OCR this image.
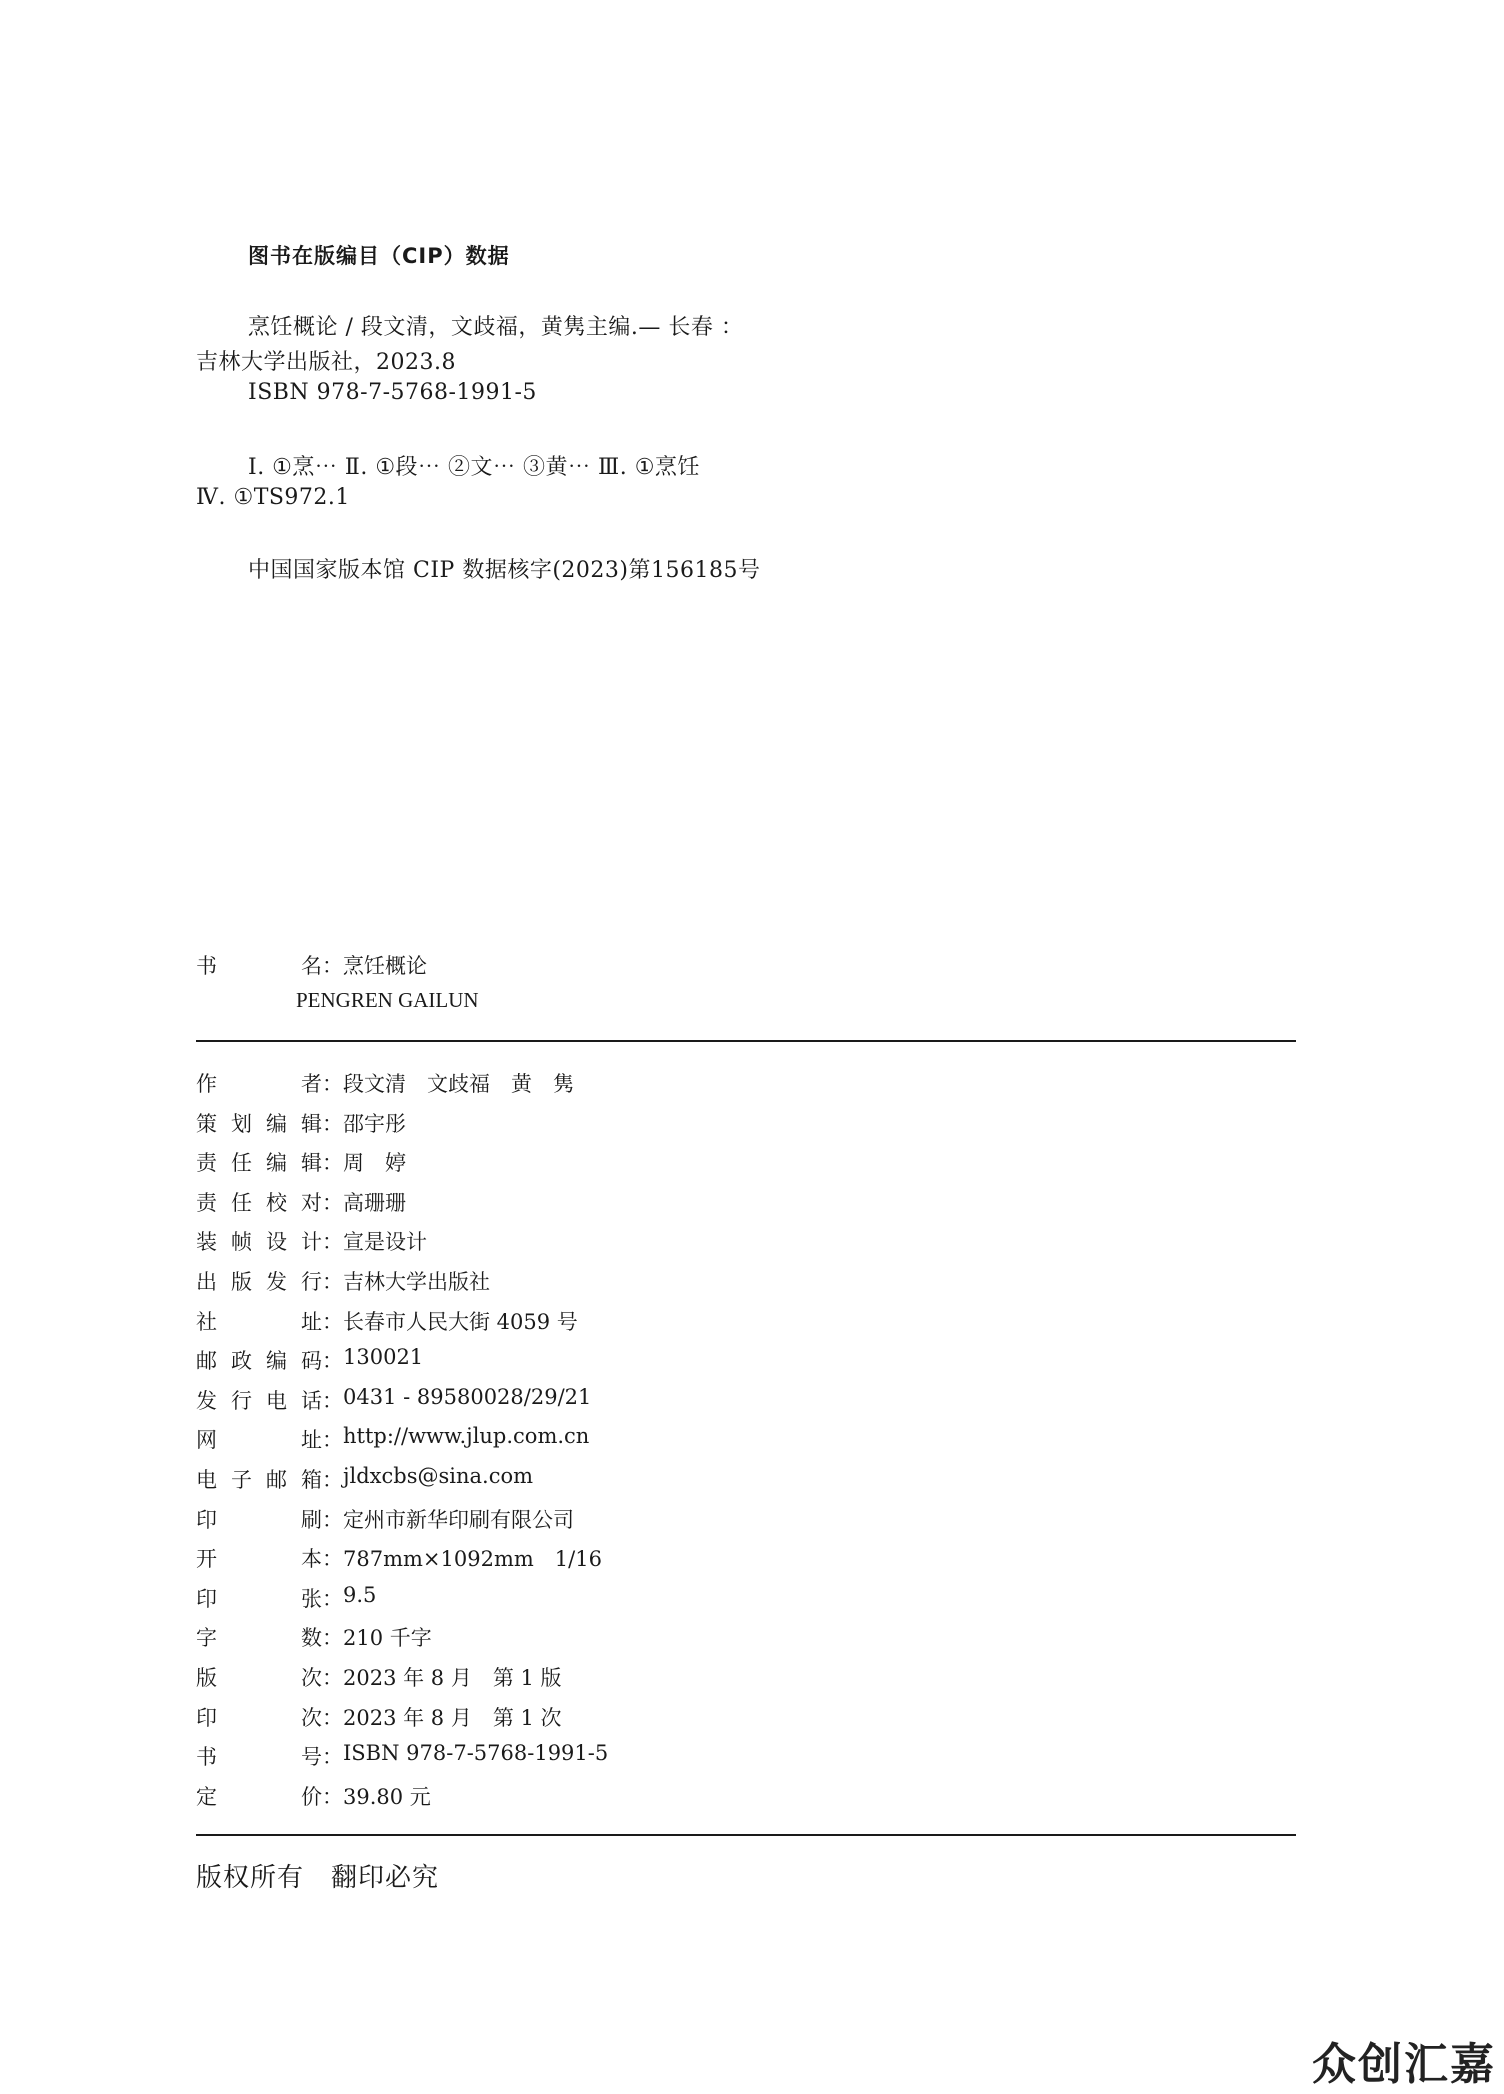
图书在版编目（CIP）数据
烹饪概论 / 段文清，文歧福，黄隽主编.— 长春 ：
吉林大学出版社，2023.8
ISBN 978-7-5768-1991-5
Ⅰ. ①烹⋯ Ⅱ. ①段⋯ ②文⋯ ③黄⋯ Ⅲ. ①烹饪
Ⅳ. ①TS972.1
中国国家版本馆 CIP 数据核字(2023)第156185号
书　名 ： 烹饪概论
PENGREN GAILUN
作　　者 ： 段文清　文歧福　黄　隽
策划编辑 ： 邵宇彤
责任编辑 ： 周　婷
责任校对 ： 高珊珊
装帧设计 ： 宣是设计
出版发行 ： 吉林大学出版社
社　　址 ： 长春市人民大街 4059 号
邮政编码 ： 130021
发行电话 ： 0431 - 89580028/29/21
网　　址 ： http://www.jlup.com.cn
电子邮箱 ： jldxcbs@sina.com
印　　刷 ： 定州市新华印刷有限公司
开　　本 ： 787mm×1092mm　1/16
印　　张 ： 9.5
字　　数 ： 210 千字
版　　次 ： 2023 年 8 月　第 1 版
印　　次 ： 2023 年 8 月　第 1 次
书　　号 ： ISBN 978-7-5768-1991-5
定　　价 ： 39.80 元
版权所有　翻印必究
众创汇嘉
